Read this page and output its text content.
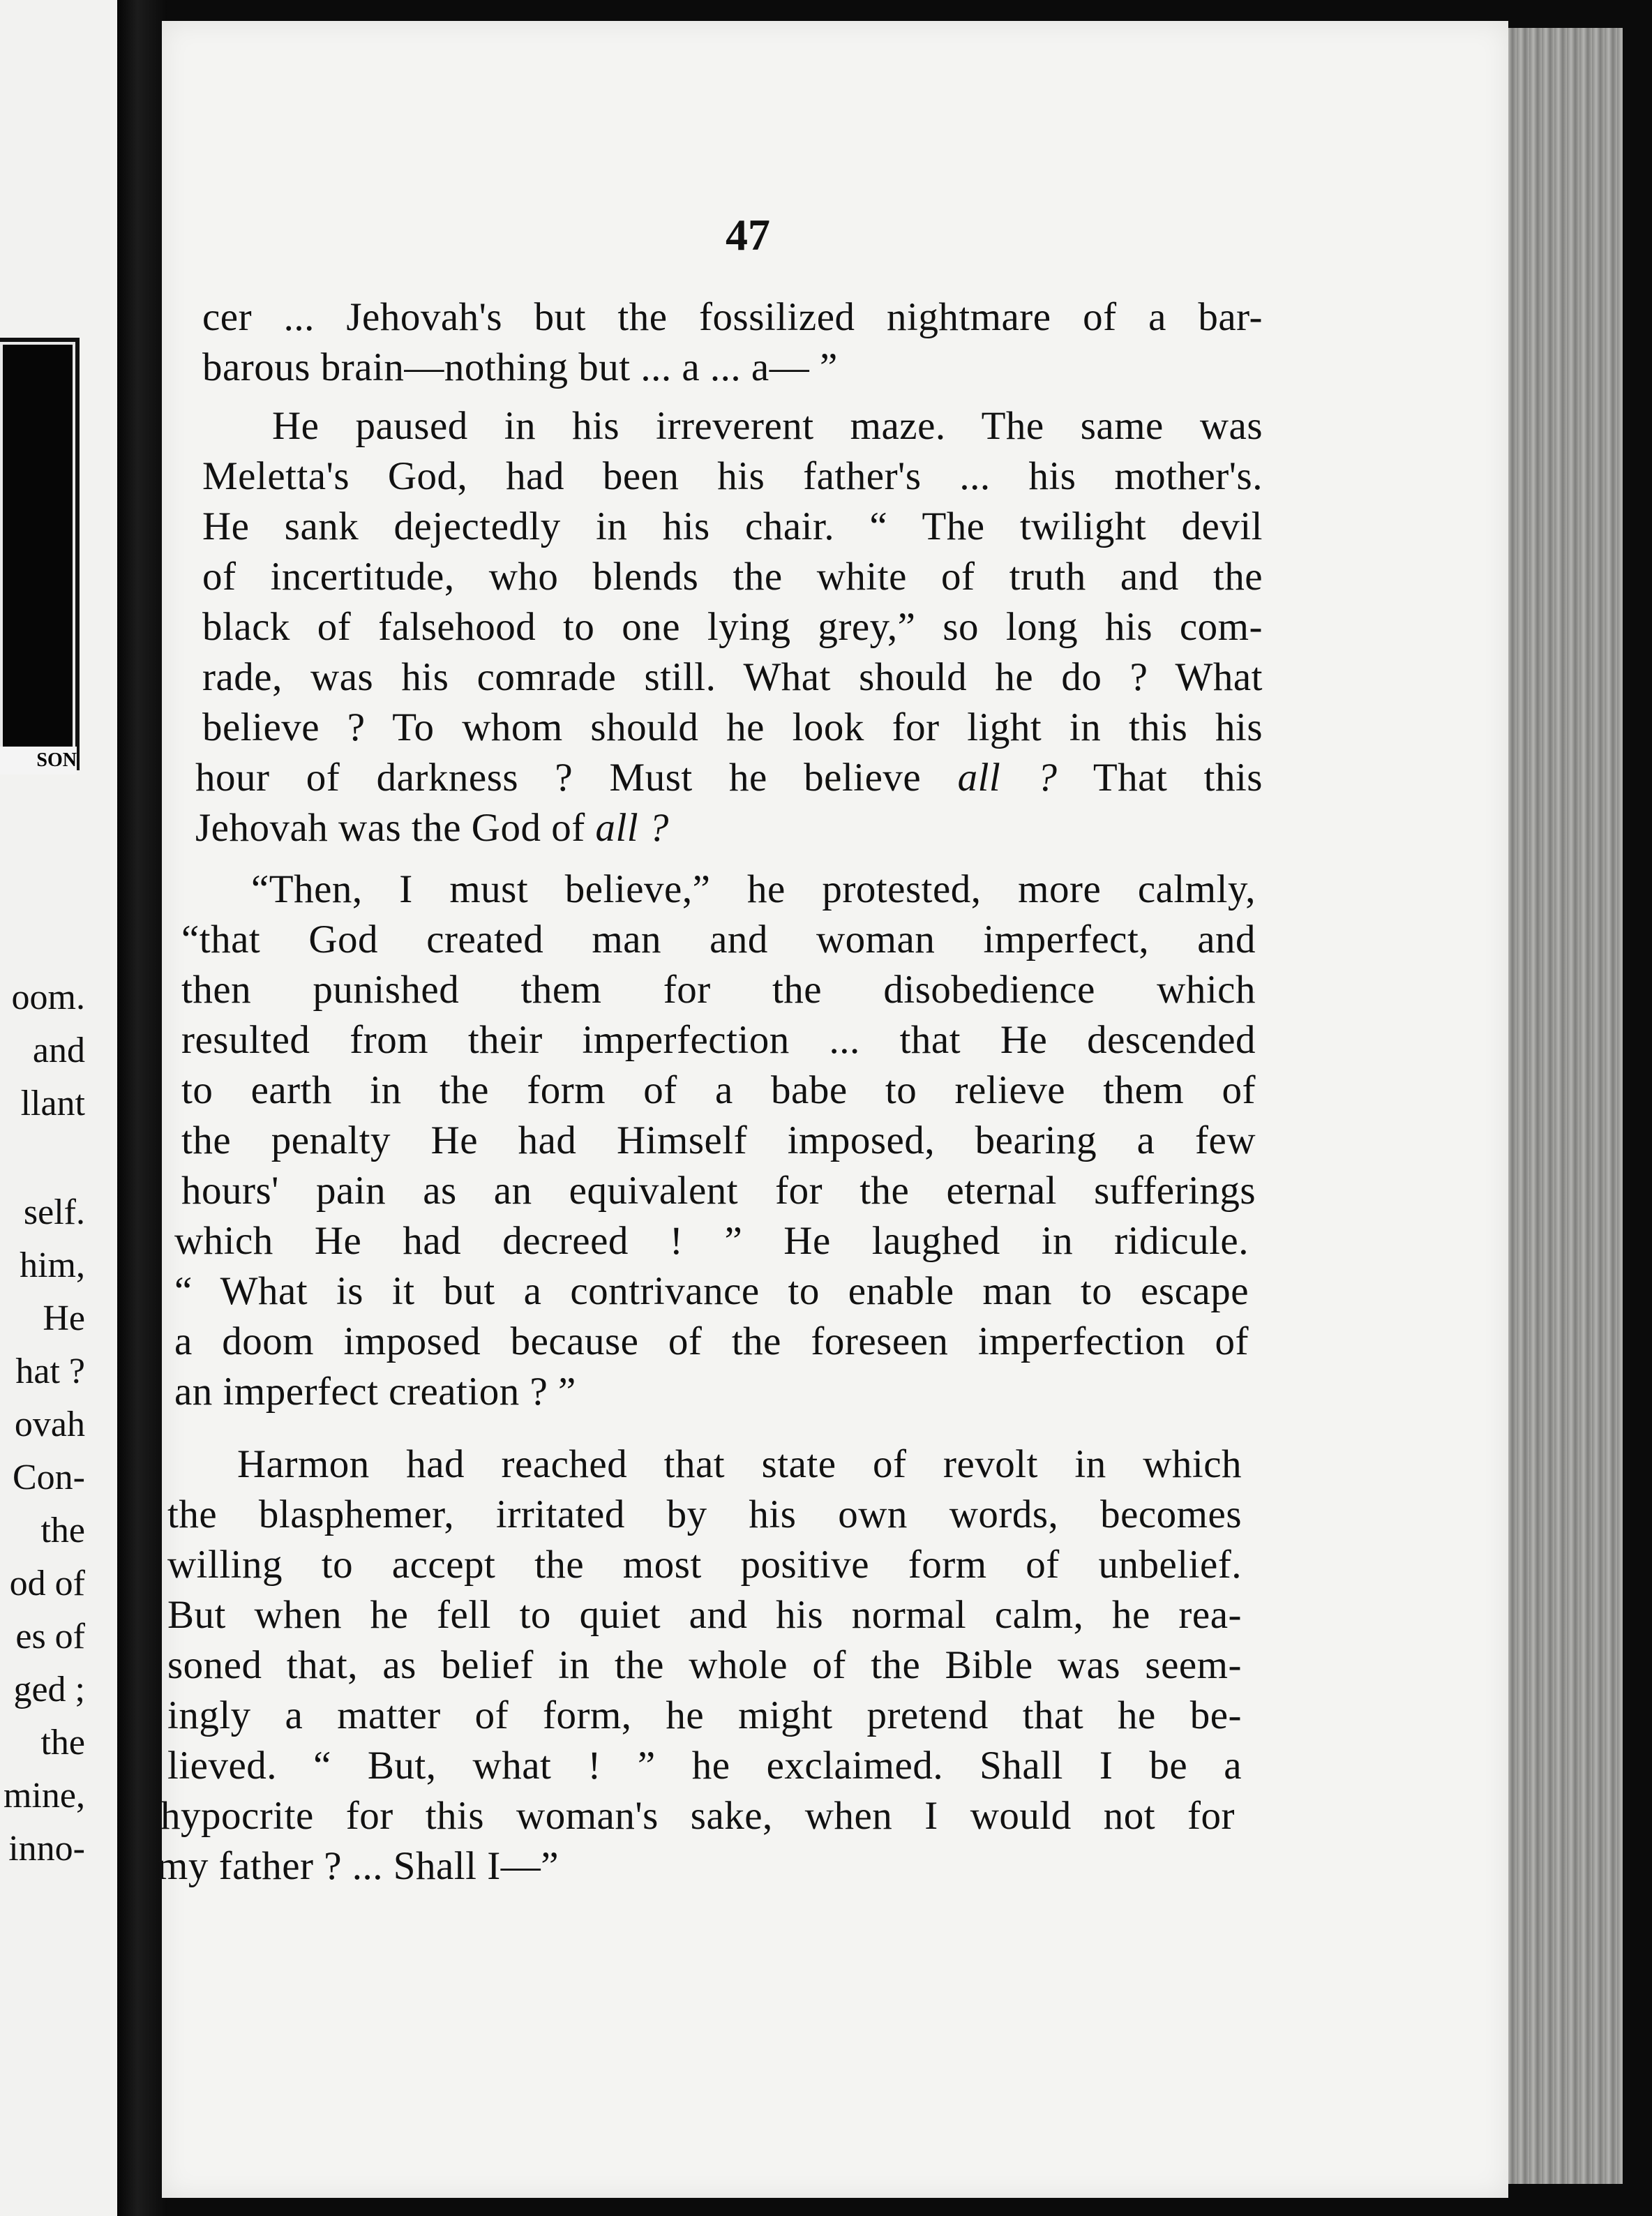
SON
oom.
and
llant
self.
him,
He
hat ?
ovah
Con-
the
od of
es of
ged ;
the
mine,
inno-
47
cer ... Jehovah's but the fossilized nightmare of a bar-
barous brain—nothing but ... a ... a— ”
He paused in his irreverent maze. The same was
Meletta's God, had been his father's ... his mother's.
He sank dejectedly in his chair. “ The twilight devil
of incertitude, who blends the white of truth and the
black of falsehood to one lying grey,” so long his com-
rade, was his comrade still. What should he do ? What
believe ? To whom should he look for light in this his
hour of darkness ? Must he believe all ? That this
Jehovah was the God of all ?
“Then, I must believe,” he protested, more calmly,
“that God created man and woman imperfect, and
then punished them for the disobedience which
resulted from their imperfection ... that He descended
to earth in the form of a babe to relieve them of
the penalty He had Himself imposed, bearing a few
hours' pain as an equivalent for the eternal sufferings
which He had decreed ! ” He laughed in ridicule.
“ What is it but a contrivance to enable man to escape
a doom imposed because of the foreseen imperfection of
an imperfect creation ? ”
Harmon had reached that state of revolt in which
the blasphemer, irritated by his own words, becomes
willing to accept the most positive form of unbelief.
But when he fell to quiet and his normal calm, he rea-
soned that, as belief in the whole of the Bible was seem-
ingly a matter of form, he might pretend that he be-
lieved. “ But, what ! ” he exclaimed. Shall I be a
hypocrite for this woman's sake, when I would not for
my father ? ... Shall I—”
